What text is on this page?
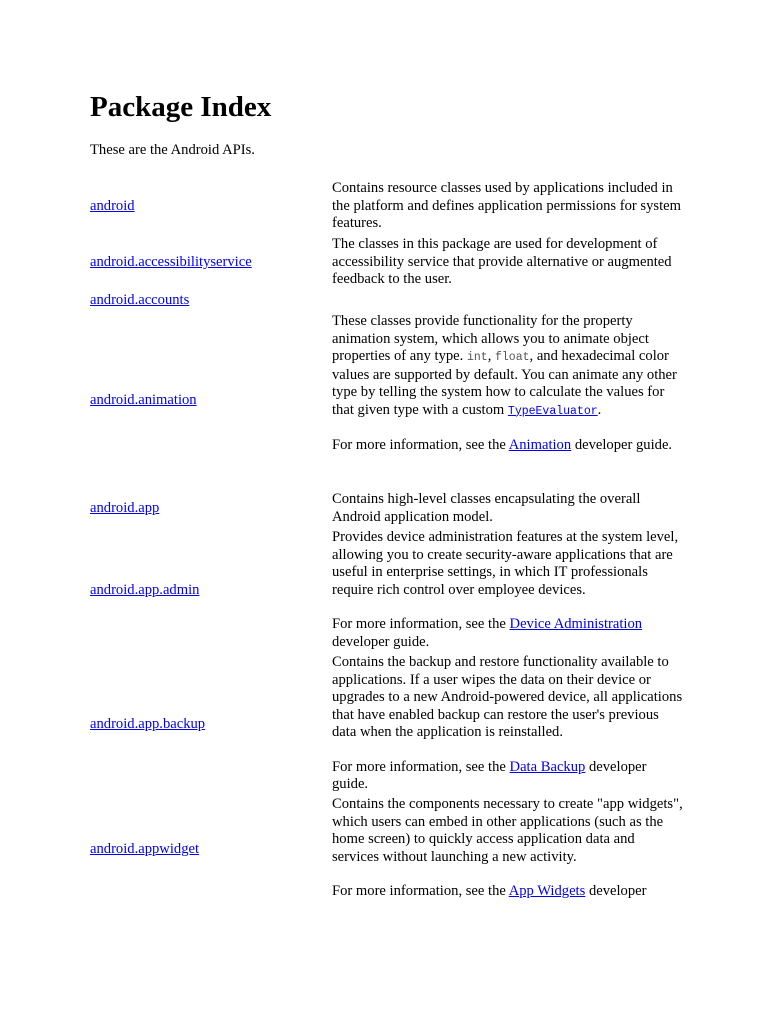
Package Index

These are the Android APIs.

android

Contains resource classes used by applications included in the platform and defines application permissions for system features.

android.accessibilityservice

The classes in this package are used for development of accessibility service that provide alternative or augmented feedback to the user.

android.accounts
android.animation
These classes provide functionality for the property animation system, which allows you to animate object properties of any type. int, float, and hexadecimal color values are supported by default. You can animate any other type by telling the system how to calculate the values for that given type with a custom TypeEvaluator.
For more information, see the Animation developer guide.
android.app

Contains high-level classes encapsulating the overall Android application model.

android.app.admin
Provides device administration features at the system level, allowing you to create security-aware applications that are useful in enterprise settings, in which IT professionals require rich control over employee devices.
For more information, see the Device Administration developer guide.
android.app.backup
Contains the backup and restore functionality available to applications. If a user wipes the data on their device or upgrades to a new Android-powered device, all applications that have enabled backup can restore the user's previous data when the application is reinstalled.
For more information, see the Data Backup developer guide.
android.appwidget
Contains the components necessary to create "app widgets", which users can embed in other applications (such as the home screen) to quickly access application data and services without launching a new activity.
For more information, see the App Widgets developer
